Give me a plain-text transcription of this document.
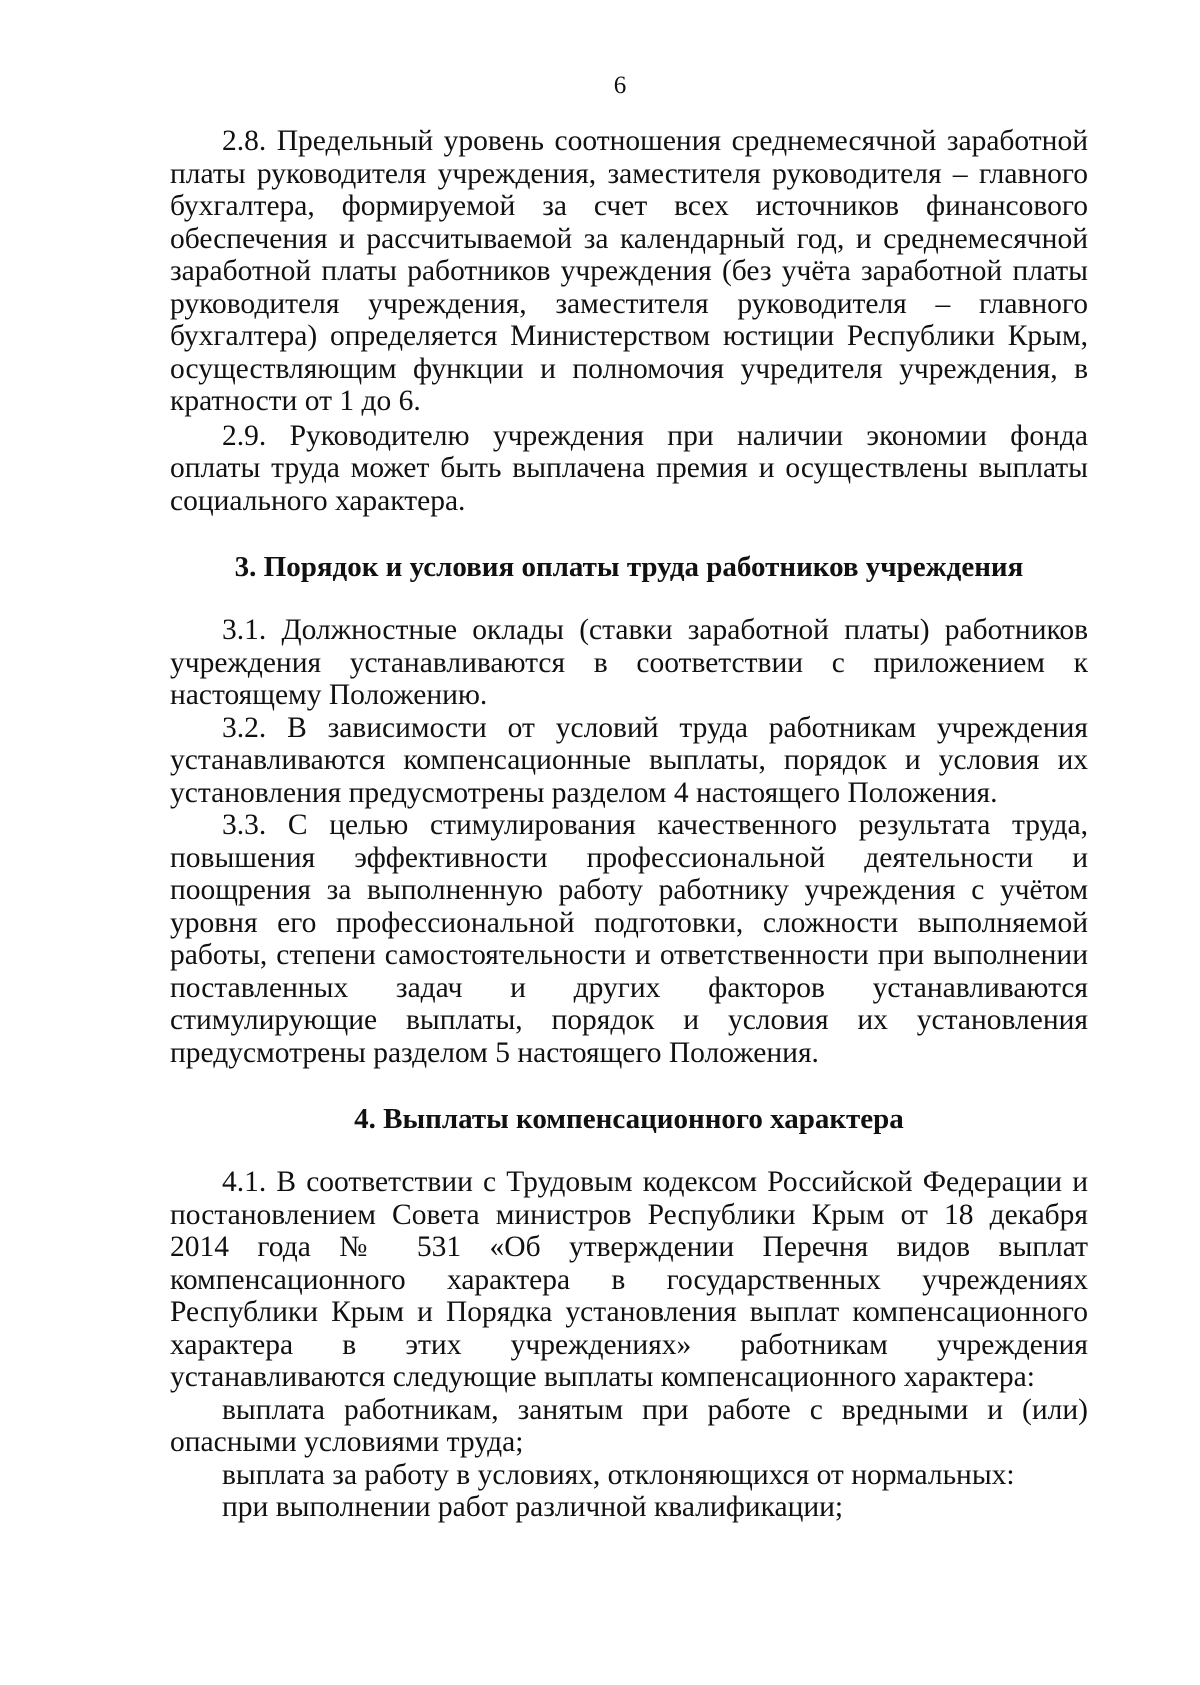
6

2.8. Предельный уровень соотношения среднемесячной заработной платы руководителя учреждения, заместителя руководителя – главного бухгалтера, формируемой за счет всех источников финансового обеспечения и рассчитываемой за календарный год, и среднемесячной заработной платы работников учреждения (без учёта заработной платы руководителя учреждения, заместителя руководителя – главного бухгалтера) определяется Министерством юстиции Республики Крым, осуществляющим функции и полномочия учредителя учреждения, в кратности от 1 до 6.

2.9. Руководителю учреждения при наличии экономии фонда оплаты труда может быть выплачена премия и осуществлены выплаты социального характера.

3. Порядок и условия оплаты труда работников учреждения

3.1. Должностные оклады (ставки заработной платы) работников учреждения устанавливаются в соответствии с приложением к настоящему Положению.

3.2. В зависимости от условий труда работникам учреждения устанавливаются компенсационные выплаты, порядок и условия их установления предусмотрены разделом 4 настоящего Положения.

3.3. С целью стимулирования качественного результата труда, повышения эффективности профессиональной деятельности и поощрения за выполненную работу работнику учреждения с учётом уровня его профессиональной подготовки, сложности выполняемой работы, степени самостоятельности и ответственности при выполнении поставленных задач и других факторов устанавливаются стимулирующие выплаты, порядок и условия их установления предусмотрены разделом 5 настоящего Положения.

4. Выплаты компенсационного характера

4.1. В соответствии с Трудовым кодексом Российской Федерации и постановлением Совета министров Республики Крым от 18 декабря 2014 года № 531 «Об утверждении Перечня видов выплат компенсационного характера в государственных учреждениях Республики Крым и Порядка установления выплат компенсационного характера в этих учреждениях» работникам учреждения устанавливаются следующие выплаты компенсационного характера:

выплата работникам, занятым при работе с вредными и (или) опасными условиями труда;

выплата за работу в условиях, отклоняющихся от нормальных:

при выполнении работ различной квалификации;
